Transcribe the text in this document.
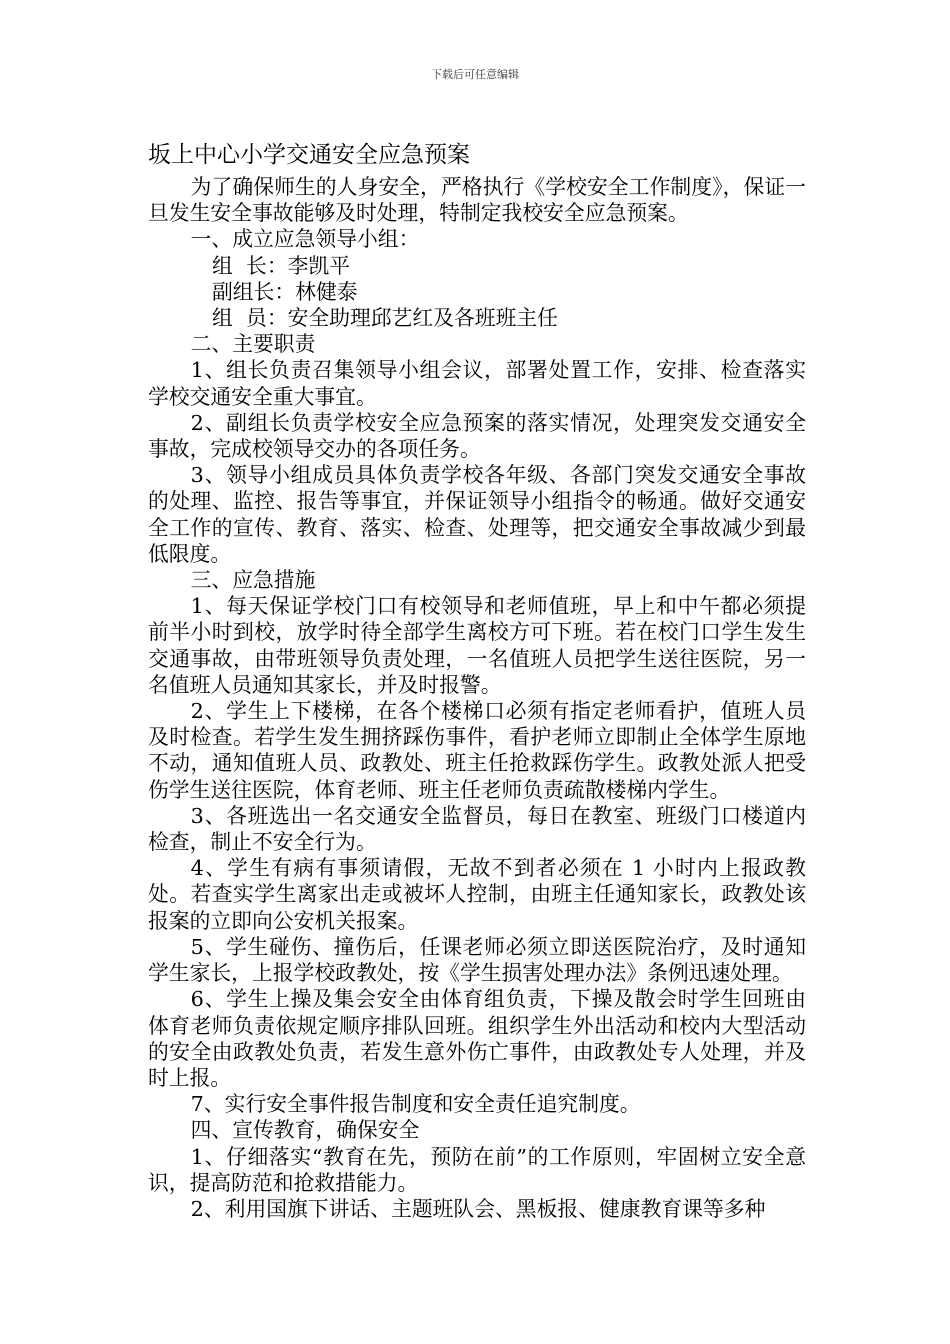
下载后可任意编辑
坂上中心小学交通安全应急预案

为了确保师生的人身安全，严格执行《学校安全工作制度》，保证一旦发生安全事故能够及时处理，特制定我校安全应急预案。

一、成立应急领导小组：

组  长：李凯平

副组长：林健泰

组  员：安全助理邱艺红及各班班主任

二、主要职责

1、组长负责召集领导小组会议，部署处置工作，安排、检查落实学校交通安全重大事宜。

2、副组长负责学校安全应急预案的落实情况，处理突发交通安全事故，完成校领导交办的各项任务。

3、领导小组成员具体负责学校各年级、各部门突发交通安全事故的处理、监控、报告等事宜，并保证领导小组指令的畅通。做好交通安全工作的宣传、教育、落实、检查、处理等，把交通安全事故减少到最低限度。

三、应急措施

1、每天保证学校门口有校领导和老师值班，早上和中午都必须提前半小时到校，放学时待全部学生离校方可下班。若在校门口学生发生交通事故，由带班领导负责处理，一名值班人员把学生送往医院，另一名值班人员通知其家长，并及时报警。

2、学生上下楼梯，在各个楼梯口必须有指定老师看护，值班人员及时检查。若学生发生拥挤踩伤事件，看护老师立即制止全体学生原地不动，通知值班人员、政教处、班主任抢救踩伤学生。政教处派人把受伤学生送往医院，体育老师、班主任老师负责疏散楼梯内学生。

3、各班选出一名交通安全监督员，每日在教室、班级门口楼道内检查，制止不安全行为。

4、学生有病有事须请假，无故不到者必须在 1 小时内上报政教处。若查实学生离家出走或被坏人控制，由班主任通知家长，政教处该报案的立即向公安机关报案。

5、学生碰伤、撞伤后，任课老师必须立即送医院治疗，及时通知学生家长，上报学校政教处，按《学生损害处理办法》条例迅速处理。

6、学生上操及集会安全由体育组负责，下操及散会时学生回班由体育老师负责依规定顺序排队回班。组织学生外出活动和校内大型活动的安全由政教处负责，若发生意外伤亡事件，由政教处专人处理，并及时上报。

7、实行安全事件报告制度和安全责任追究制度。

四、宣传教育，确保安全

1、仔细落实“教育在先，预防在前”的工作原则，牢固树立安全意识，提高防范和抢救措能力。

2、利用国旗下讲话、主题班队会、黑板报、健康教育课等多种
